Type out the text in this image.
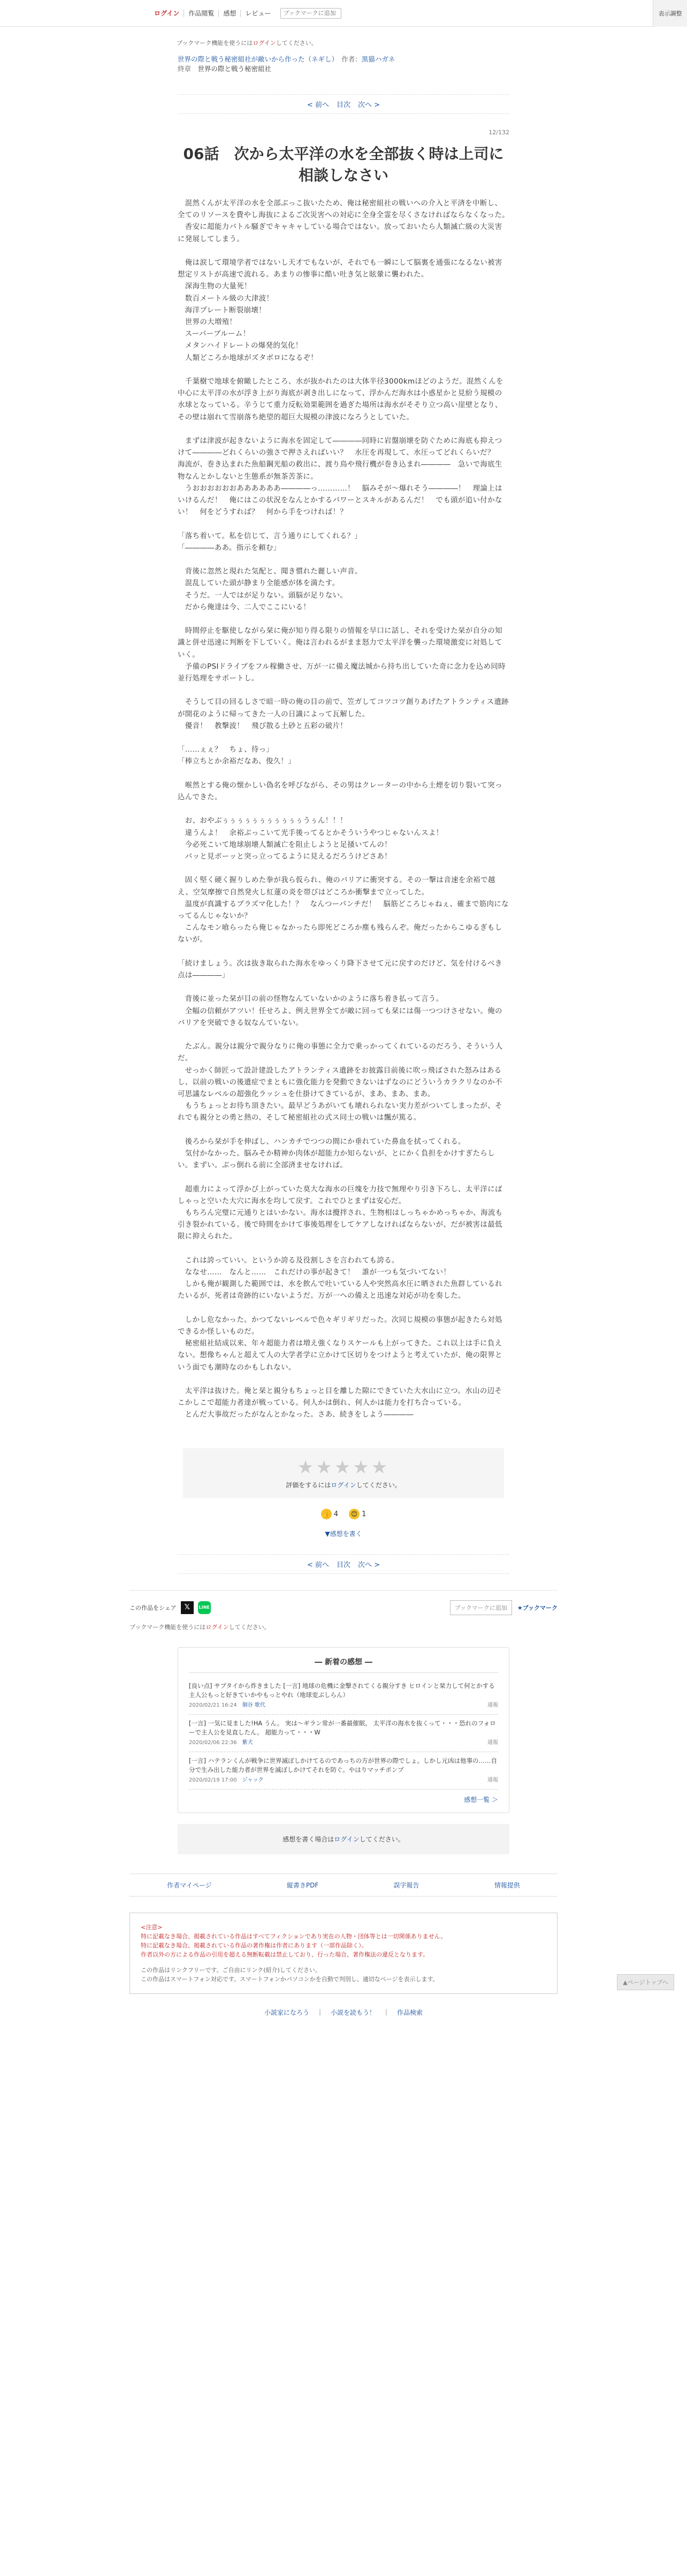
ログイン	作品閲覧	感想	レビュー
ブックマークに追加	表示調整
ブックマーク機能を使うにはログインしてください。
世界の際と戦う秘密組社が敵いから作った（ネギし）　 作者：黒猫ハガネ
終章　 世界の際と戦う秘密組社
< 前へ 目次 次へ >
12/132
06話　次から太平洋の水を全部抜く時は上司に相談しなさい

　混然くんが太平洋の水を全部ぶっこ抜いたため、俺は秘密組社の戦いへの介入と平済を中断し、全てのリソースを費やし海抜によるご次災害への対応に全身全霊を尽くさなければならなくなった。

　香安に超能力バトル騒ぎでキャキャしている場合ではない。放っておいたら人類滅亡級の大災害に発展してしまう。

　俺は涙して環境学者ではないし天才でもないが、それでも一瞬にして脳裏を通張になるない被害想定リストが高速で流れる。あまりの惨事に酷い吐き気と眩暈に襲われた。

　深海生物の大量死！

　数百メートル級の大津波！

　海洋プレート断裂崩壊！

　世界の大増殖！

　スーパーブルーム！

　メタンハイドレートの爆発的気化！

　人類どころか地球がズタボロになるぞ！

　千葉樹で地球を俯瞰したところ、水が抜かれたのは大体半径3000kmほどのようだ。混然くんを中心に太平洋の水が浮き上がり海底が剥き出しになって、浮かんだ海水は小惑星かと見紛う規模の水球となっている。辛うじて重力反転効果範囲を過ぎた場所は海水がそそり立つ高い崖壁となり、その壁は崩れて雪崩落ち絶望的超巨大規模の津波になろうとしていた。

　まずは津波が起きないように海水を固定して――――同時に岩盤崩壊を防ぐために海底も抑えつけて――――どれくらいの強さで押さえればいい？　水圧を再現して、水圧ってどれくらいだ？　海流が、巻き込まれた魚船鋼光船の救出に、渡り鳥や飛行機が巻き込まれ――――　急いで海底生物なんとかしないと生態系が無茶苦茶に。

　うおおおおおおああああああ――――っ…………！　脳みそが～爆れそう――――！　理論上はいけるんだ！　俺にはこの状況をなんとかするパワーとスキルがあるんだ！　でも頭が追い付かない！　何をどうすれば？　何から手をつければ！？

「落ち着いて。私を信じて、言う通りにしてくれる？」

「――――ああ。指示を頼む」

　背後に忽然と現れた気配と、聞き慣れた麗しい声音。

　混乱していた頭が静まり全能感が体を満たす。

　そうだ。一人ではが足りない。頭脳が足りない。

　だから俺達は今、二人でここにいる！

　時間停止を駆使しながら栞に俺が知り得る限りの情報を早口に話し、それを受けた栞が自分の知識と併せ迅速に判断を下していく。俺は言われるがまま怒力で太平洋を襲った環境激変に対処していく。

　予備のPSIドライブをフル稼働させ、万が一に備え魔法城から持ち出していた奇に念力を込め同時並行処理をサポートし。

　そうして目の回るしさで暗一時の俺の目の前で、笠ガしてコツコツ創りあげたアトランティス遺跡が開花のように帰ってきた一人の日識によって瓦解した。

　優音！　教撃波！　飛び散る土砂と五彩の破片！

「……ぇぇ？　ちょ、待っ」

「棒立ちとか余裕だなあ、俊久！」

　喉然とする俺の懐かしい偽名を呼びながら、その男はクレーターの中から土煙を切り裂いて突っ込んできた。

　お、おやぶぅぅぅぅぅぅぅぅぅぅぅうぅん！！！

　違うんよ！　余裕ぶっこいて光手後ってるとかそういうやつじゃないんスよ！

　今必死こいて地球崩壊人類滅亡を阻止しようと足掻いてんの！

　パッと見ボーッと突っ立ってるように見えるだろうけどさあ！

　固く堅く硬く握りしめた拳が我ら仮られ、俺のバリアに衝突する。その一撃は音速を余裕で越え、空気摩擦で自然発火し紅蓮の炎を帯びはどころか衝撃まで立ってした。

　温度が真識するプラズマ化した！？　なんつーパンチだ！　脳筋どころじゃねぇ、確まで筋肉になってるんじゃないか？

　こんなモン喰らったら俺じゃなかったら即死どころか塵も残らんぞ。俺だったからこゆるぎもしないが。

「続けましょう。次は抜き取られた海水をゆっくり降下させて元に戻すのだけど、気を付けるべき点は――――」

　背後に並った栞が目の前の怪物なんていないかのように落ち着き払って言う。

　全幅の信頼がアツい！任せろよ、例え世界全てが敵に回っても栞には傷一つつけさせない。俺のバリアを突破できる奴なんていない。

　たぶん。親分は親分で親分なりに俺の事態に全力で乗っかってくれているのだろう、そういう人だ。

　せっかく師匠って設計建設したアトランティス遺跡をお披露目前後に吹っ飛ばされた怒みはあるし、以前の戦いの後遺症でまともに強化能力を発動できないはずなのにどういうカラクリなのか不可思議なレベルの超強化ラッシュを仕掛けてきているが、まあ、まあ、まあ。

　もうちょっとお待ち頂きたい。最早どうあがいても壊れられない実力差がついてしまったが、それでも親分との勇と熱の、そして秘密組社の式ス同士の戦いは飄が篤る。

　後ろから栞が手を伸ばし、ハンカチでつつの間にか垂れていた鼻血を拭ってくれる。

　気付かなかった。脳みそか精神か肉体が超能力か知らないが、とにかく負担をかけすぎたらしい。まずい。ぶっ倒れる前に全部済ませなければ。

　超重力によって浮かび上がっていた莫大な海水の巨塊を力技で無理やり引き下ろし、太平洋にばしゃっと空いた大穴に海水を均して戻す。これでひとまずは安心だ。

　もちろん完璧に元通りとはいかない。海水は攪拌され、生物相はしっちゃかめっちゃか、海流も引き裂かれている。後で時間をかけて事後処理をしてケアしなければならないが、だが被害は最低限に抑えられた。

　これは誇っていい。というか誇る及役割しさを言われても誇る。

　ななせ……　なんと……　これだけの事が起きて！　誰が一つも気づいてない！

　しかも俺が観測した範囲では、水を飲んで吐いている人や突然高水圧に晒された魚群しているれたいるが、死者は奇跡的にいないようだ。万が一への備えと迅速な対応が功を奏した。

　しかし危なかった。かつてないレベルで色々ギリギリだった。次同じ規模の事態が起きたら対処できるか怪しいものだ。

　秘密組社結成以来、年々超能力者は増え強くなりスケールも上がってきた。これ以上は手に負えない。想像ちゃんと超えて人の大学者学に立かけて区切りをつけようと考えていたが、俺の限界という面でも潮時なのかもしれない。

　太平洋は抜けた。俺と栞と親分もちょっと目を離した隙にできていた大水山に立つ。水山の辺そこかしこで超能力者達が戦っている。何人かは倒れ、何人かは能力を打ち合っている。

　とんだ大事故だったがなんとかなった。さあ、続きをしよう――――

★★★★★
評価をするにはログインしてください。
👍 4	😊 1
▼感想を書く
< 前へ 目次 次へ >
この作品をシェア	𝕏	LINE	ブックマークに追加	★ブックマーク
ブックマーク機能を使うにはログインしてください。
― 新着の感想 ―
[良い点] サブタイから炸きました [一言] 地球の危機に金撃されてくる親分すき ヒロインと栞力して何とかする主人公もっと好きていかやもっとやれ（地球変ぶしらん）
2020/02/21 16:24　 個谷 歌代	通報
[一言] 一気に見ました!HA うん。 実は〜ギラン常が一番最催眠。 太平洋の海水を抜くって・・・恐れのフォローで主人公を見直したん。 超能力って・・・W
2020/02/06 22:36　 紫犬	通報
[一言] ハテランくんが戦争に世界滅ぼしかけてるのであっちの方が世界の際でしょ。しかし元凶は他事の……自分で生み出した能力者が世界を滅ぼしかけてそれを防ぐ。やはりマッチポンプ
2020/02/19 17:00　 ジャック	通報
感想一覧 ＞
感想を書く場合はログインしてください。
作者マイページ	縦書きPDF	誤字報告	情報提供
<注意>
特に記載なき場合、掲載されている作品はすべてフィクションであり実在の人物・団体等とは一切関係ありません。
特に記載なき場合、掲載されている作品の著作権は作者にあります（一部作品除く）。
作者以外の方による作品の引用を超える無断転載は禁止しており、行った場合、著作権法の違反となります。
この作品はリンクフリーです。ご自由にリンク(紹介)してください。
この作品はスマートフォン対応です。スマートフォンかパソコンかを自動で判別し、適切なページを表示します。
小説家になろう ｜ 小説を読もう！ ｜ 作品検索
▲ページトップへ
